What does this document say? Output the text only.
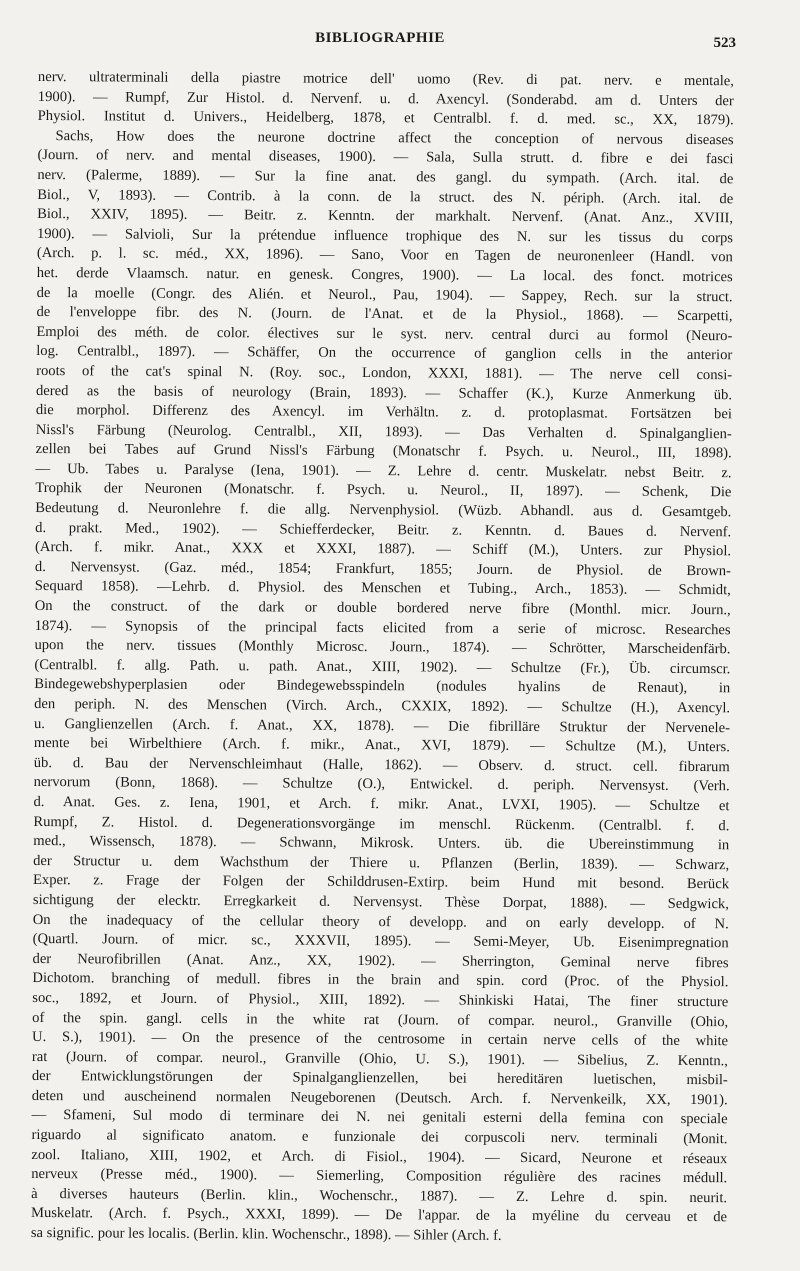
BIBLIOGRAPHIE	523
nerv. ultraterminali della piastre motrice dell' uomo (Rev. di pat. nerv. e mentale,
1900). — Rumpf, Zur Histol. d. Nervenf. u. d. Axencyl. (Sonderabd. am d. Unters der
Physiol. Institut d. Univers., Heidelberg, 1878, et Centralbl. f. d. med. sc., XX, 1879).
Sachs, How does the neurone doctrine affect the conception of nervous diseases
(Journ. of nerv. and mental diseases, 1900). — Sala, Sulla strutt. d. fibre e dei fasci
nerv. (Palerme, 1889). — Sur la fine anat. des gangl. du sympath. (Arch. ital. de
Biol., V, 1893). — Contrib. à la conn. de la struct. des N. périph. (Arch. ital. de
Biol., XXIV, 1895). — Beitr. z. Kenntn. der markhalt. Nervenf. (Anat. Anz., XVIII,
1900). — Salvioli, Sur la prétendue influence trophique des N. sur les tissus du corps
(Arch. p. l. sc. méd., XX, 1896). — Sano, Voor en Tagen de neuronenleer (Handl. von
het. derde Vlaamsch. natur. en genesk. Congres, 1900). — La local. des fonct. motrices
de la moelle (Congr. des Alién. et Neurol., Pau, 1904). — Sappey, Rech. sur la struct.
de l'enveloppe fibr. des N. (Journ. de l'Anat. et de la Physiol., 1868). — Scarpetti,
Emploi des méth. de color. électives sur le syst. nerv. central durci au formol (Neuro-
log. Centralbl., 1897). — Schäffer, On the occurrence of ganglion cells in the anterior
roots of the cat's spinal N. (Roy. soc., London, XXXI, 1881). — The nerve cell consi-
dered as the basis of neurology (Brain, 1893). — Schaffer (K.), Kurze Anmerkung üb.
die morphol. Differenz des Axencyl. im Verhältn. z. d. protoplasmat. Fortsätzen bei
Nissl's Färbung (Neurolog. Centralbl., XII, 1893). — Das Verhalten d. Spinalganglien-
zellen bei Tabes auf Grund Nissl's Färbung (Monatschr f. Psych. u. Neurol., III, 1898).
— Ub. Tabes u. Paralyse (Iena, 1901). — Z. Lehre d. centr. Muskelatr. nebst Beitr. z.
Trophik der Neuronen (Monatschr. f. Psych. u. Neurol., II, 1897). — Schenk, Die
Bedeutung d. Neuronlehre f. die allg. Nervenphysiol. (Wüzb. Abhandl. aus d. Gesamtgeb.
d. prakt. Med., 1902). — Schiefferdecker, Beitr. z. Kenntn. d. Baues d. Nervenf.
(Arch. f. mikr. Anat., XXX et XXXI, 1887). — Schiff (M.), Unters. zur Physiol.
d. Nervensyst. (Gaz. méd., 1854; Frankfurt, 1855; Journ. de Physiol. de Brown-
Sequard 1858). —Lehrb. d. Physiol. des Menschen et Tubing., Arch., 1853). — Schmidt,
On the construct. of the dark or double bordered nerve fibre (Monthl. micr. Journ.,
1874). — Synopsis of the principal facts elicited from a serie of microsc. Researches
upon the nerv. tissues (Monthly Microsc. Journ., 1874). — Schrötter, Marscheidenfärb.
(Centralbl. f. allg. Path. u. path. Anat., XIII, 1902). — Schultze (Fr.), Üb. circumscr.
Bindegewebshyperplasien oder Bindegewebsspindeln (nodules hyalins de Renaut), in
den periph. N. des Menschen (Virch. Arch., CXXIX, 1892). — Schultze (H.), Axencyl.
u. Ganglienzellen (Arch. f. Anat., XX, 1878). — Die fibrilläre Struktur der Nervenele-
mente bei Wirbelthiere (Arch. f. mikr., Anat., XVI, 1879). — Schultze (M.), Unters.
üb. d. Bau der Nervenschleimhaut (Halle, 1862). — Observ. d. struct. cell. fibrarum
nervorum (Bonn, 1868). — Schultze (O.), Entwickel. d. periph. Nervensyst. (Verh.
d. Anat. Ges. z. Iena, 1901, et Arch. f. mikr. Anat., LVXI, 1905). — Schultze et
Rumpf, Z. Histol. d. Degenerationsvorgänge im menschl. Rückenm. (Centralbl. f. d.
med., Wissensch, 1878). — Schwann, Mikrosk. Unters. üb. die Ubereinstimmung in
der Structur u. dem Wachsthum der Thiere u. Pflanzen (Berlin, 1839). — Schwarz,
Exper. z. Frage der Folgen der Schilddrusen-Extirp. beim Hund mit besond. Berück
sichtigung der elecktr. Erregkarkeit d. Nervensyst. Thèse Dorpat, 1888). — Sedgwick,
On the inadequacy of the cellular theory of developp. and on early developp. of N.
(Quartl. Journ. of micr. sc., XXXVII, 1895). — Semi-Meyer, Ub. Eisenimpregnation
der Neurofibrillen (Anat. Anz., XX, 1902). — Sherrington, Geminal nerve fibres
Dichotom. branching of medull. fibres in the brain and spin. cord (Proc. of the Physiol.
soc., 1892, et Journ. of Physiol., XIII, 1892). — Shinkiski Hatai, The finer structure
of the spin. gangl. cells in the white rat (Journ. of compar. neurol., Granville (Ohio,
U. S.), 1901). — On the presence of the centrosome in certain nerve cells of the white
rat (Journ. of compar. neurol., Granville (Ohio, U. S.), 1901). — Sibelius, Z. Kenntn.,
der Entwicklungstörungen der Spinalganglienzellen, bei hereditären luetischen, misbil-
deten und auscheinend normalen Neugeborenen (Deutsch. Arch. f. Nervenkeilk, XX, 1901).
— Sfameni, Sul modo di terminare dei N. nei genitali esterni della femina con speciale
riguardo al significato anatom. e funzionale dei corpuscoli nerv. terminali (Monit.
zool. Italiano, XIII, 1902, et Arch. di Fisiol., 1904). — Sicard, Neurone et réseaux
nerveux (Presse méd., 1900). — Siemerling, Composition régulière des racines médull.
à diverses hauteurs (Berlin. klin., Wochenschr., 1887). — Z. Lehre d. spin. neurit.
Muskelatr. (Arch. f. Psych., XXXI, 1899). — De l'appar. de la myéline du cerveau et de
sa signific. pour les localis. (Berlin. klin. Wochenschr., 1898). — Sihler (Arch. f.
